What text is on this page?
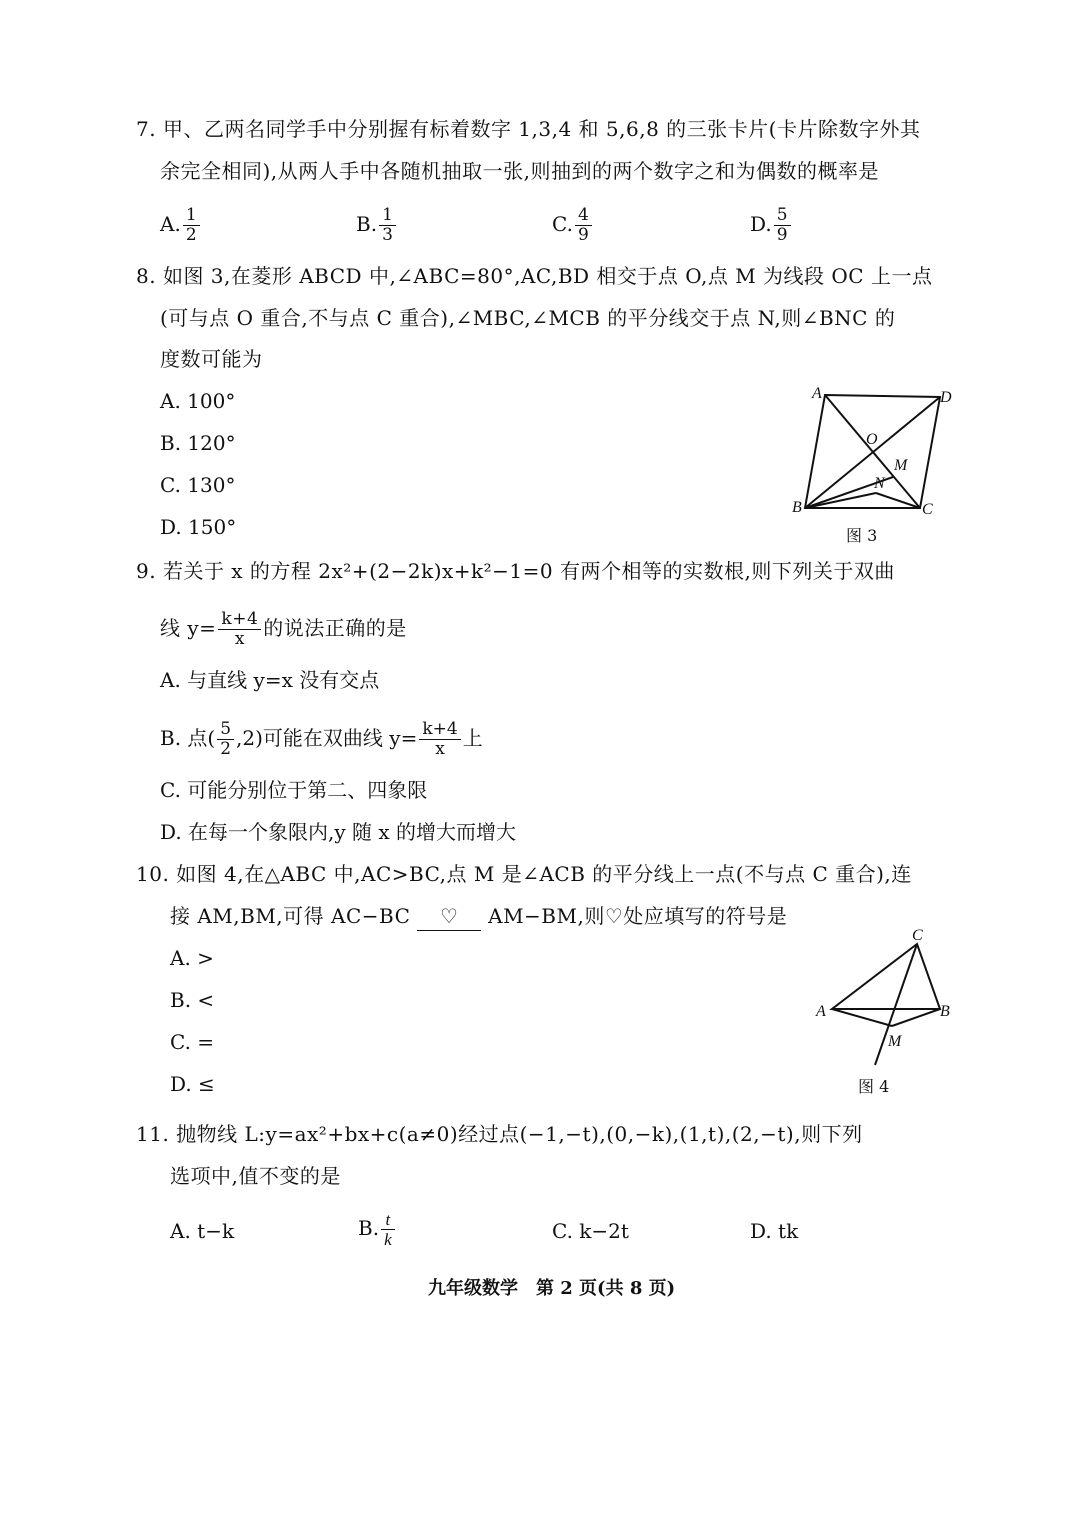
7. 甲、乙两名同学手中分别握有标着数字 1,3,4 和 5,6,8 的三张卡片(卡片除数字外其
余完全相同),从两人手中各随机抽取一张,则抽到的两个数字之和为偶数的概率是
A. $\frac{1}{2}$	B. $\frac{1}{3}$	C. $\frac{4}{9}$	D. $\frac{5}{9}$
8. 如图 3,在菱形 ABCD 中,∠ABC=80°,AC,BD 相交于点 O,点 M 为线段 OC 上一点
(可与点 O 重合,不与点 C 重合),∠MBC,∠MCB 的平分线交于点 N,则∠BNC 的
度数可能为
A. 100°
B. 120°
C. 130°
D. 150°
A	D
O
M
N
B	C
图 3
9. 若关于 x 的方程 2x²+(2−2k)x+k²−1=0 有两个相等的实数根,则下列关于双曲
线 $y= \frac{k+4}{x}$ 的说法正确的是
A. 与直线 y=x 没有交点
B. 点( $\frac{5}{2} ,2$)可能在双曲线 $y= \frac{k+4}{x}$ 上
C. 可能分别位于第二、四象限
D. 在每一个象限内,y 随 x 的增大而增大
10. 如图 4,在△ABC 中,AC>BC,点 M 是∠ACB 的平分线上一点(不与点 C 重合),连
接 AM,BM,可得 AC−BC ♡ AM−BM,则♡处应填写的符号是
A. >
B. <
C. =
D. ≤
C
A	B
M
图 4
11. 抛物线 L:y=ax²+bx+c(a≠0)经过点(−1,−t),(0,−k),(1,t),(2,−t),则下列
选项中,值不变的是
A. t−k	B. $\frac{t}{k}$	C. k−2t	D. tk
九年级数学　第 2 页(共 8 页)
